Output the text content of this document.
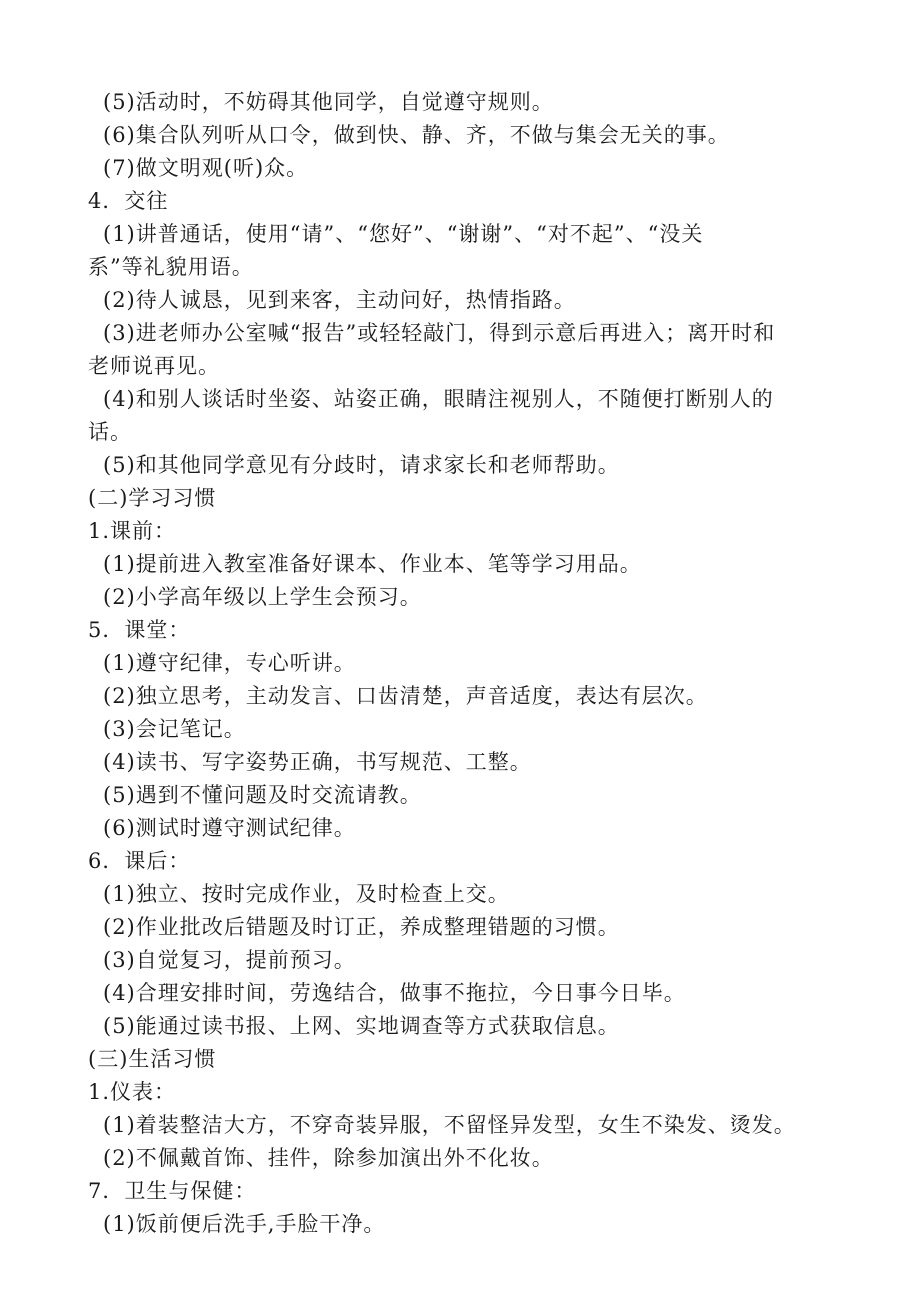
(5)活动时，不妨碍其他同学，自觉遵守规则。
(6)集合队列听从口令，做到快、静、齐，不做与集会无关的事。
(7)做文明观(听)众。
4．交往
(1)讲普通话，使用“请”、“您好”、“谢谢”、“对不起”、“没关
系”等礼貌用语。
(2)待人诚恳，见到来客，主动问好，热情指路。
(3)进老师办公室喊“报告”或轻轻敲门，得到示意后再进入；离开时和
老师说再见。
(4)和别人谈话时坐姿、站姿正确，眼睛注视别人，不随便打断别人的
话。
(5)和其他同学意见有分歧时，请求家长和老师帮助。
(二)学习习惯
1.课前：
(1)提前进入教室准备好课本、作业本、笔等学习用品。
(2)小学高年级以上学生会预习。
5．课堂：
(1)遵守纪律，专心听讲。
(2)独立思考，主动发言、口齿清楚，声音适度，表达有层次。
(3)会记笔记。
(4)读书、写字姿势正确，书写规范、工整。
(5)遇到不懂问题及时交流请教。
(6)测试时遵守测试纪律。
6．课后：
(1)独立、按时完成作业，及时检查上交。
(2)作业批改后错题及时订正，养成整理错题的习惯。
(3)自觉复习，提前预习。
(4)合理安排时间，劳逸结合，做事不拖拉，今日事今日毕。
(5)能通过读书报、上网、实地调查等方式获取信息。
(三)生活习惯
1.仪表：
(1)着装整洁大方，不穿奇装异服，不留怪异发型，女生不染发、烫发。
(2)不佩戴首饰、挂件，除参加演出外不化妆。
7．卫生与保健：
(1)饭前便后洗手,手脸干净。
